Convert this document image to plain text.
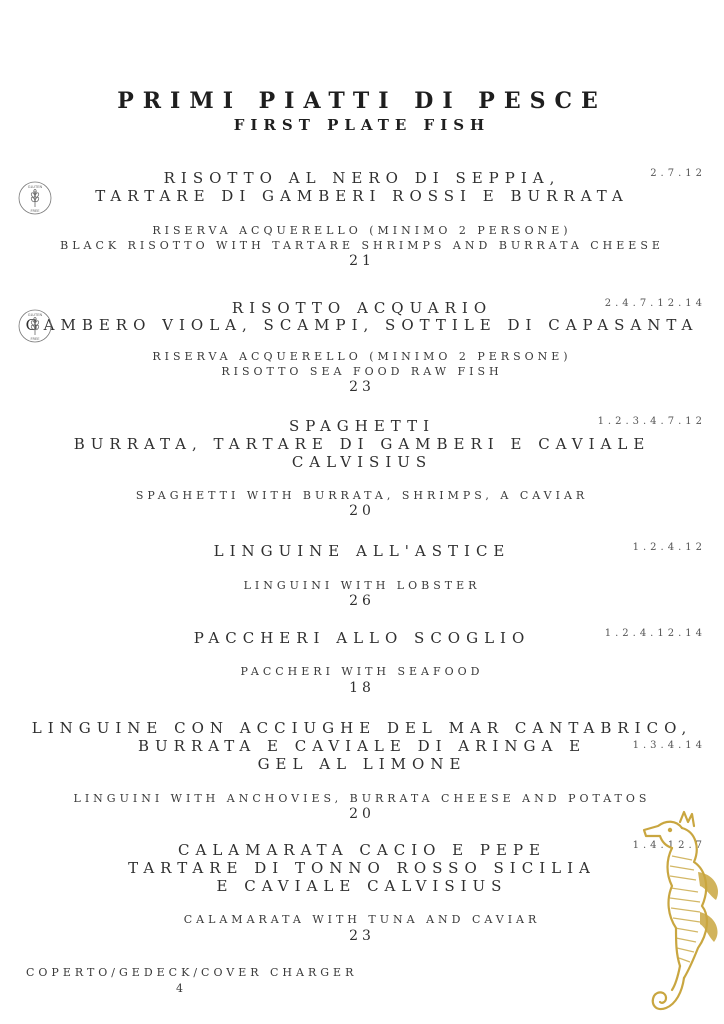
PRIMI PIATTI DI PESCE
FIRST PLATE FISH
RISOTTO AL NERO DI SEPPIA,
TARTARE DI GAMBERI ROSSI E BURRATA
2.7.12
RISERVA ACQUERELLO (MINIMO 2 PERSONE)
BLACK RISOTTO WITH TARTARE SHRIMPS AND BURRATA CHEESE
21
GLUTEN
FREE
RISOTTO ACQUARIO
GAMBERO VIOLA, SCAMPI, SOTTILE DI CAPASANTA
2.4.7.12.14
RISERVA ACQUERELLO (MINIMO 2 PERSONE)
RISOTTO SEA FOOD RAW FISH
23
GLUTEN
FREE
SPAGHETTI
BURRATA, TARTARE DI GAMBERI E CAVIALE
CALVISIUS
1.2.3.4.7.12
SPAGHETTI WITH BURRATA, SHRIMPS, A CAVIAR
20
LINGUINE ALL'ASTICE	1.2.4.12
LINGUINI WITH LOBSTER
26
PACCHERI ALLO SCOGLIO	1.2.4.12.14
PACCHERI WITH SEAFOOD
18
LINGUINE CON ACCIUGHE DEL MAR CANTABRICO,
BURRATA E CAVIALE DI ARINGA E
GEL AL LIMONE
1.3.4.14
LINGUINI WITH ANCHOVIES, BURRATA CHEESE AND POTATOS
20
CALAMARATA CACIO E PEPE
TARTARE DI TONNO ROSSO SICILIA
E CAVIALE CALVISIUS
1.4.12.7
CALAMARATA WITH TUNA AND CAVIAR
23
COPERTO/GEDECK/COVER CHARGER
4
